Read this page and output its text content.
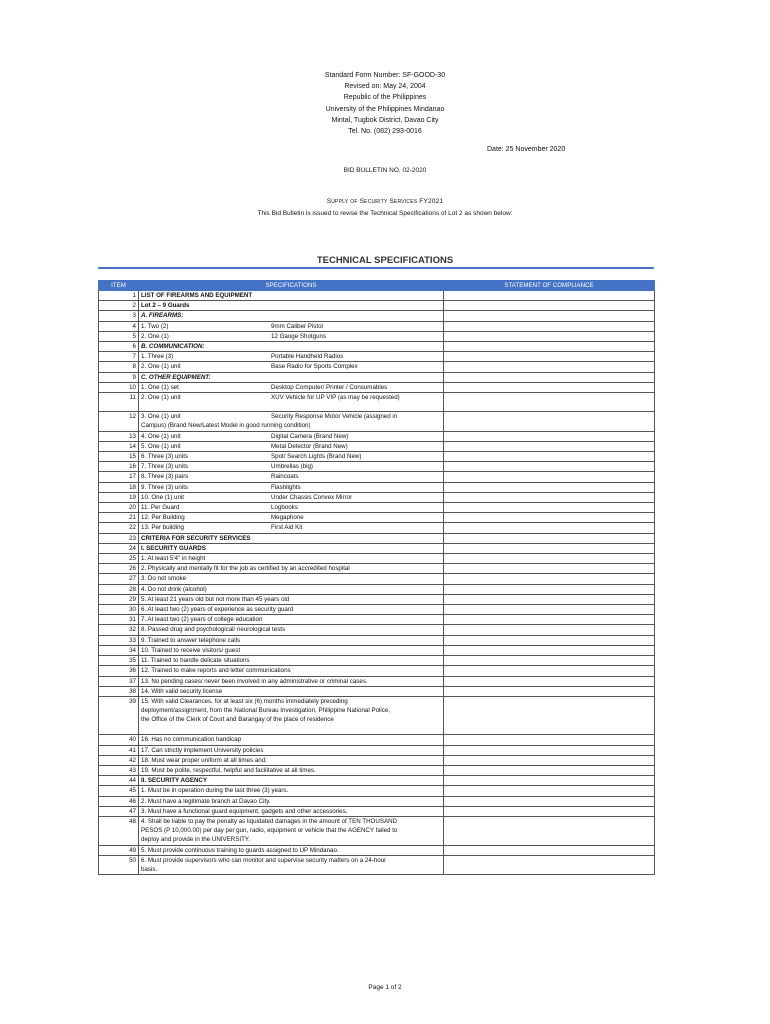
Standard Form Number: SF-GOOD-30
Revised on: May 24, 2004
Republic of the Philippines
University of the Philippines Mindanao
Mintal, Tugbok District, Davao City
Tel. No. (082) 293-0016
Date: 25 November 2020
BID BULLETIN NO. 02-2020
Supply of Security Services FY2021
This Bid Bulletin is issued to revise the Technical Specifications of Lot 2 as shown below:
TECHNICAL SPECIFICATIONS
ITEM	SPECIFICATIONS	STATEMENT OF COMPLIANCE
1	LIST OF FIREARMS AND EQUIPMENT	

2	Lot 2 – 9 Guards	

3	A. FIREARMS:	

4	1. Two (2) 9mm Caliber Pistol	

5	2. One (1) 12 Gauge Shotguns	

6	B. COMMUNICATION:	

7	1. Three (3) Portable Handheld Radios	

8	2. One (1) unit Base Radio for Sports Complex	

9	C. OTHER EQUIPMENT:	

10	1. One (1) set Desktop Computer/ Printer / Consumables	

11	2. One (1) unit XUV Vehicle for UP VIP (as may be requested)	

12	3. One (1) unit Security Response Motor Vehicle (assigned in
Campus) (Brand New/Latest Model in good running condition)	

13	4. One (1) unit Digital Camera (Brand New)	

14	5. One (1) unit Metal Detector (Brand New)	

15	6. Three (3) units Spot/ Search Lights (Brand New)	

16	7. Three (3) units Umbrellas (big)	

17	8. Three (3) pairs Raincoats	

18	9. Three (3) units Flashlights	

19	10. One (1) unit Under Chassis Convex Mirror	

20	11. Per Guard Logbooks	

21	12. Per Building Megaphone	

22	13. Per building First Aid Kit	

23	CRITERIA FOR SECURITY SERVICES	

24	I. SECURITY GUARDS	

25	1. At least 5'4" in height	

26	2. Physically and mentally fit for the job as certified by an accredited hospital	

27	3. Do not smoke	

28	4. Do not drink (alcohol)	

29	5. At least 21 years old but not more than 45 years old	

30	6. At least two (2) years of experience as security guard	

31	7. At least two (2) years of college education	

32	8. Passed drug and psychological/ neurological tests	

33	9. Trained to answer telephone calls	

34	10. Trained to receive visitors/ guest	

35	11. Trained to handle delicate situations	

36	12. Trained to make reports and letter communications	

37	13. No pending cases/ never been involved in any administrative or criminal cases.	

38	14. With valid security license	

39	15. With valid Clearances, for at least six (6) months immediately preceding
deployment/assignment, from the National Bureau Investigation, Philippine National Police,
the Office of the Clerk of Court and Barangay of the place of residence	

40	16. Has no communication handicap	

41	17. Can strictly implement University policies	

42	18. Must wear proper uniform at all times and;	

43	19. Must be polite, respectful, helpful and facilitative at all times.	

44	II. SECURITY AGENCY	

45	1. Must be in operation during the last three (3) years.	

46	2. Must have a legitimate branch at Davao City.	

47	3. Must have a functional guard equipment, gadgets and other accessories.	

48	4. Shall be liable to pay the penalty as liquidated damages in the amount of TEN THOUSAND
PESOS (P 10,000.00) per day per gun, radio, equipment or vehicle that the AGENCY failed to
deploy and provide in the UNIVERSITY.	

49	5. Must provide continuous training to guards assigned to UP Mindanao.	

50	6. Must provide supervisors who can monitor and supervise security matters on a 24-hour
basis.	

Page 1 of 2
